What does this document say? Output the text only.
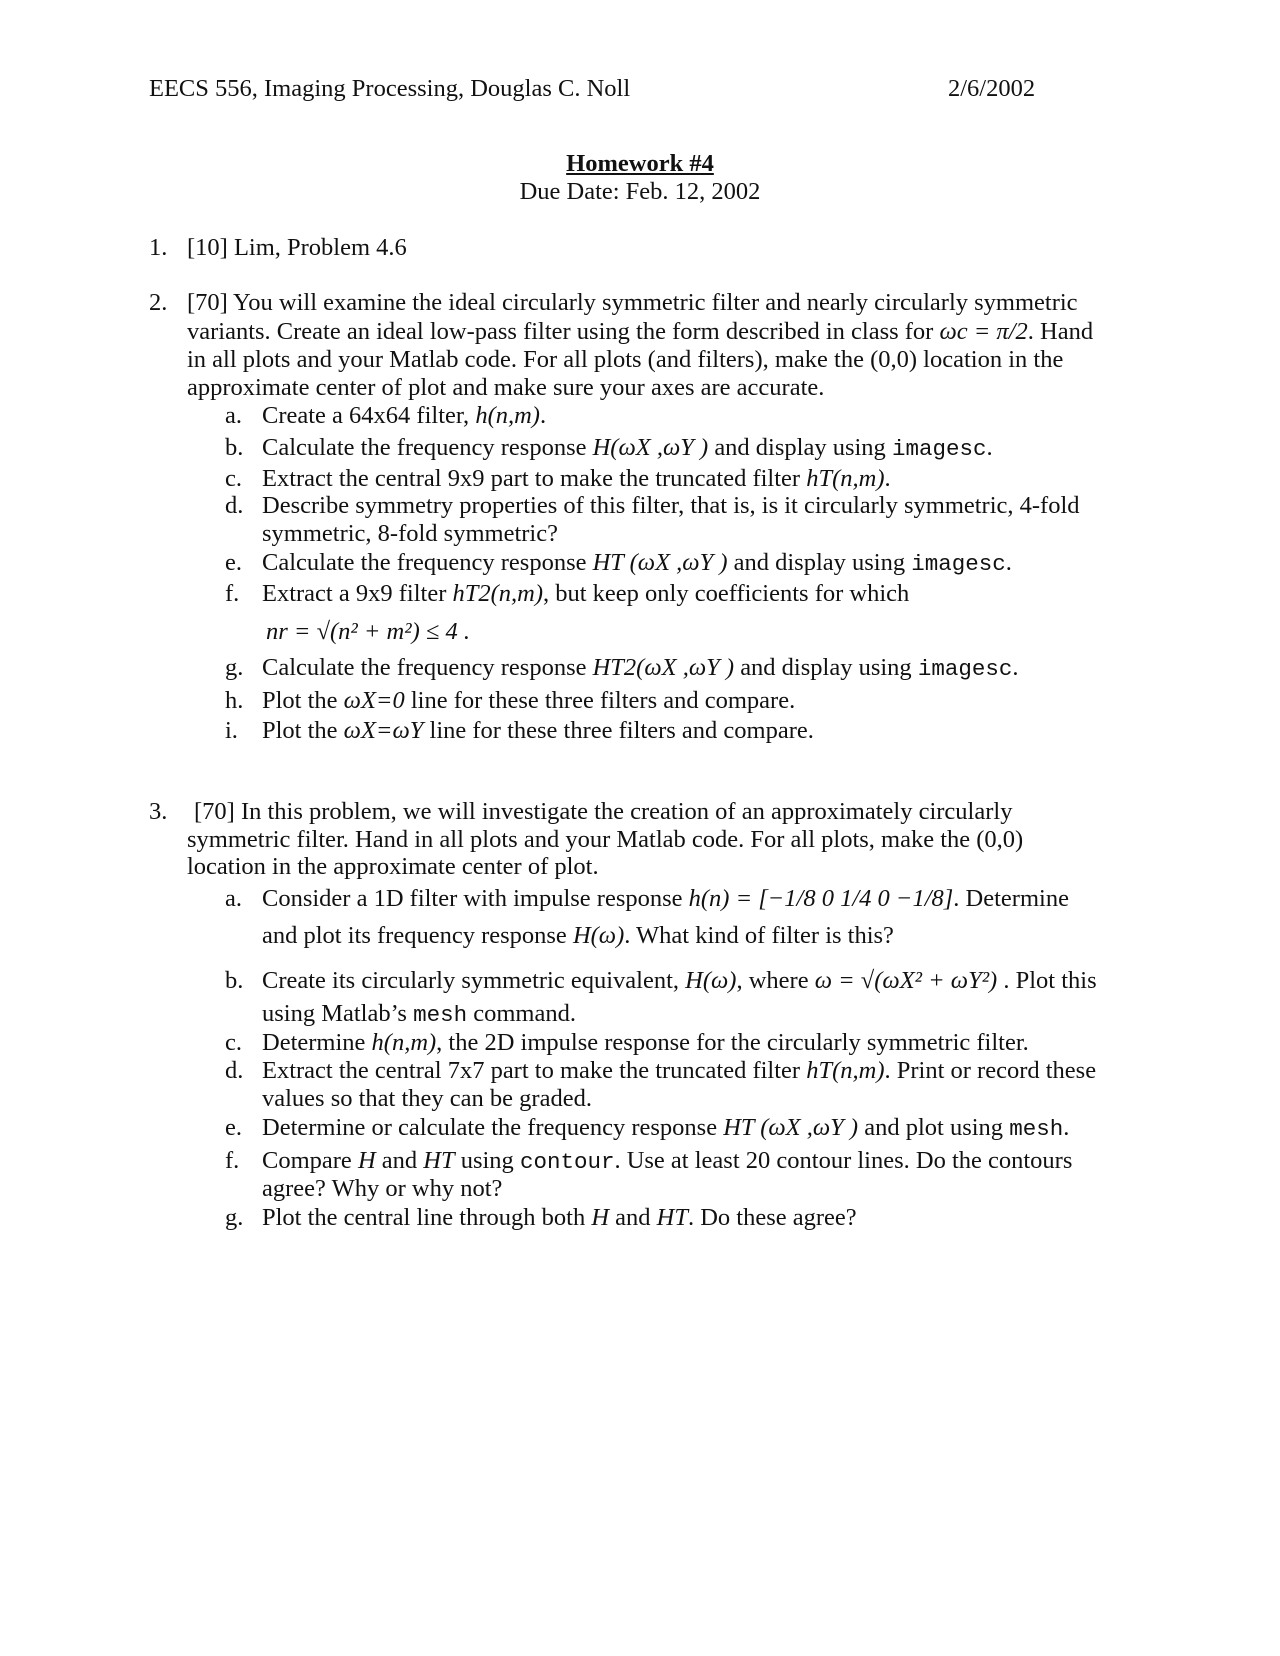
EECS 556, Imaging Processing, Douglas C. Noll	2/6/2002
Homework #4
Due Date: Feb. 12, 2002
1. [10] Lim, Problem 4.6
2. [70] You will examine the ideal circularly symmetric filter and nearly circularly symmetric
variants. Create an ideal low-pass filter using the form described in class for ωc = π/2. Hand
in all plots and your Matlab code. For all plots (and filters), make the (0,0) location in the
approximate center of plot and make sure your axes are accurate.
a. Create a 64x64 filter, h(n,m).
b. Calculate the frequency response H(ωX ,ωY ) and display using imagesc.
c. Extract the central 9x9 part to make the truncated filter hT(n,m).
d. Describe symmetry properties of this filter, that is, is it circularly symmetric, 4-fold
symmetric, 8-fold symmetric?
e. Calculate the frequency response HT (ωX ,ωY ) and display using imagesc.
f. Extract a 9x9 filter hT2(n,m), but keep only coefficients for which
nr = √(n² + m²) ≤ 4 .
g. Calculate the frequency response HT2(ωX ,ωY ) and display using imagesc.
h. Plot the ωX=0 line for these three filters and compare.
i. Plot the ωX=ωY line for these three filters and compare.
3. [70] In this problem, we will investigate the creation of an approximately circularly
symmetric filter. Hand in all plots and your Matlab code. For all plots, make the (0,0)
location in the approximate center of plot.
a. Consider a 1D filter with impulse response h(n) = [−1/8 0 1/4 0 −1/8]. Determine
and plot its frequency response H(ω). What kind of filter is this?
b. Create its circularly symmetric equivalent, H(ω), where ω = √(ωX² + ωY²) . Plot this
using Matlab’s mesh command.
c. Determine h(n,m), the 2D impulse response for the circularly symmetric filter.
d. Extract the central 7x7 part to make the truncated filter hT(n,m). Print or record these
values so that they can be graded.
e. Determine or calculate the frequency response HT (ωX ,ωY ) and plot using mesh.
f. Compare H and HT using contour. Use at least 20 contour lines. Do the contours
agree? Why or why not?
g. Plot the central line through both H and HT. Do these agree?
